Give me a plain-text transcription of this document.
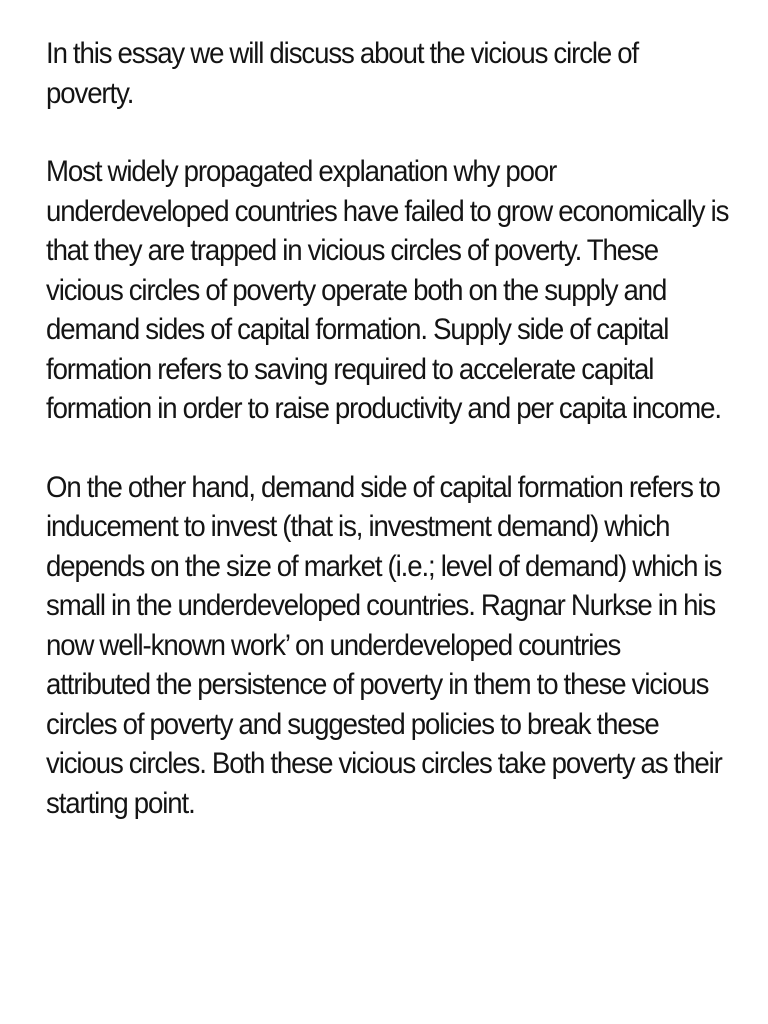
In this essay we will discuss about the vicious circle of poverty.

Most widely propagated explanation why poor underdeveloped countries have failed to grow economically is that they are trapped in vicious circles of poverty. These vicious circles of poverty operate both on the supply and demand sides of capital formation. Supply side of capital formation refers to saving required to accelerate capital formation in order to raise productivity and per capita income.

On the other hand, demand side of capital formation refers to inducement to invest (that is, investment demand) which depends on the size of market (i.e.; level of demand) which is small in the underdeveloped countries. Ragnar Nurkse in his now well-known work’ on underdeveloped countries attributed the persistence of poverty in them to these vicious circles of poverty and suggested policies to break these vicious circles. Both these vicious circles take poverty as their starting point.
